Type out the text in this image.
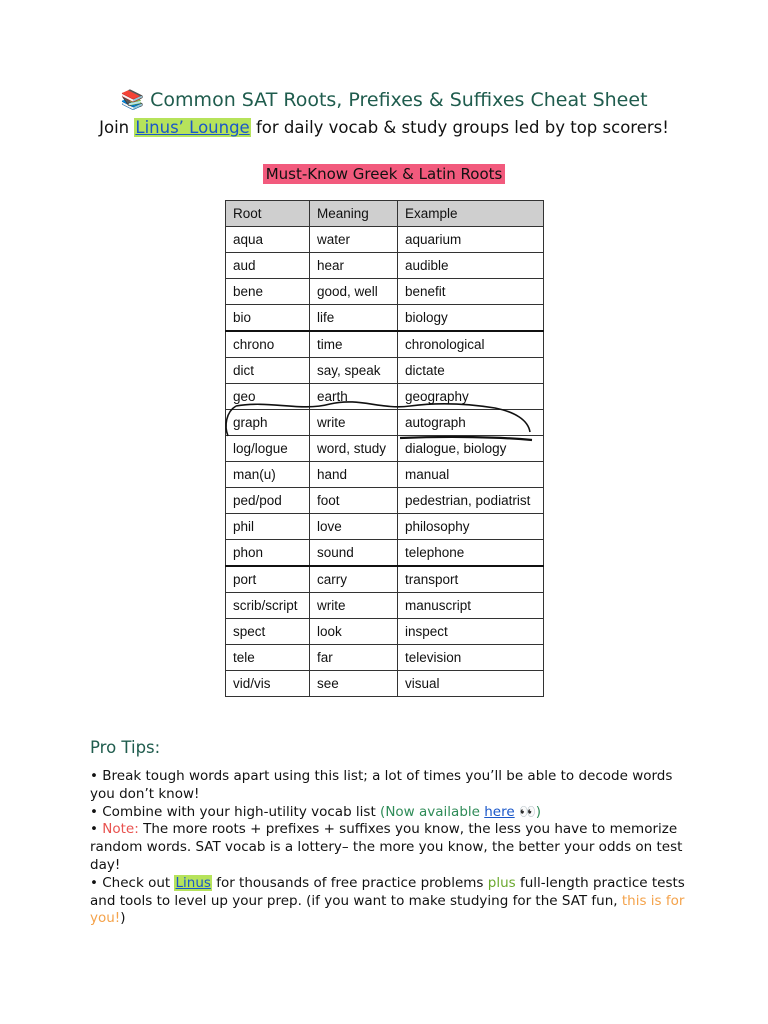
📚 Common SAT Roots, Prefixes & Suffixes Cheat Sheet
Join Linus’ Lounge for daily vocab & study groups led by top scorers!
Must-Know Greek & Latin Roots
Root	Meaning	Example
aqua	water	aquarium
aud	hear	audible
bene	good, well	benefit
bio	life	biology
chrono	time	chronological
dict	say, speak	dictate
geo	earth	geography
graph	write	autograph
log/logue	word, study	dialogue, biology
man(u)	hand	manual
ped/pod	foot	pedestrian, podiatrist
phil	love	philosophy
phon	sound	telephone
port	carry	transport
scrib/script	write	manuscript
spect	look	inspect
tele	far	television
vid/vis	see	visual
Pro Tips:

• Break tough words apart using this list; a lot of times you’ll be able to decode words you don’t know!

• Combine with your high-utility vocab list (Now available here 👀)

• Note: The more roots + prefixes + suffixes you know, the less you have to memorize random words. SAT vocab is a lottery– the more you know, the better your odds on test day!

• Check out Linus for thousands of free practice problems plus full-length practice tests and tools to level up your prep. (if you want to make studying for the SAT fun, this is for you!)
